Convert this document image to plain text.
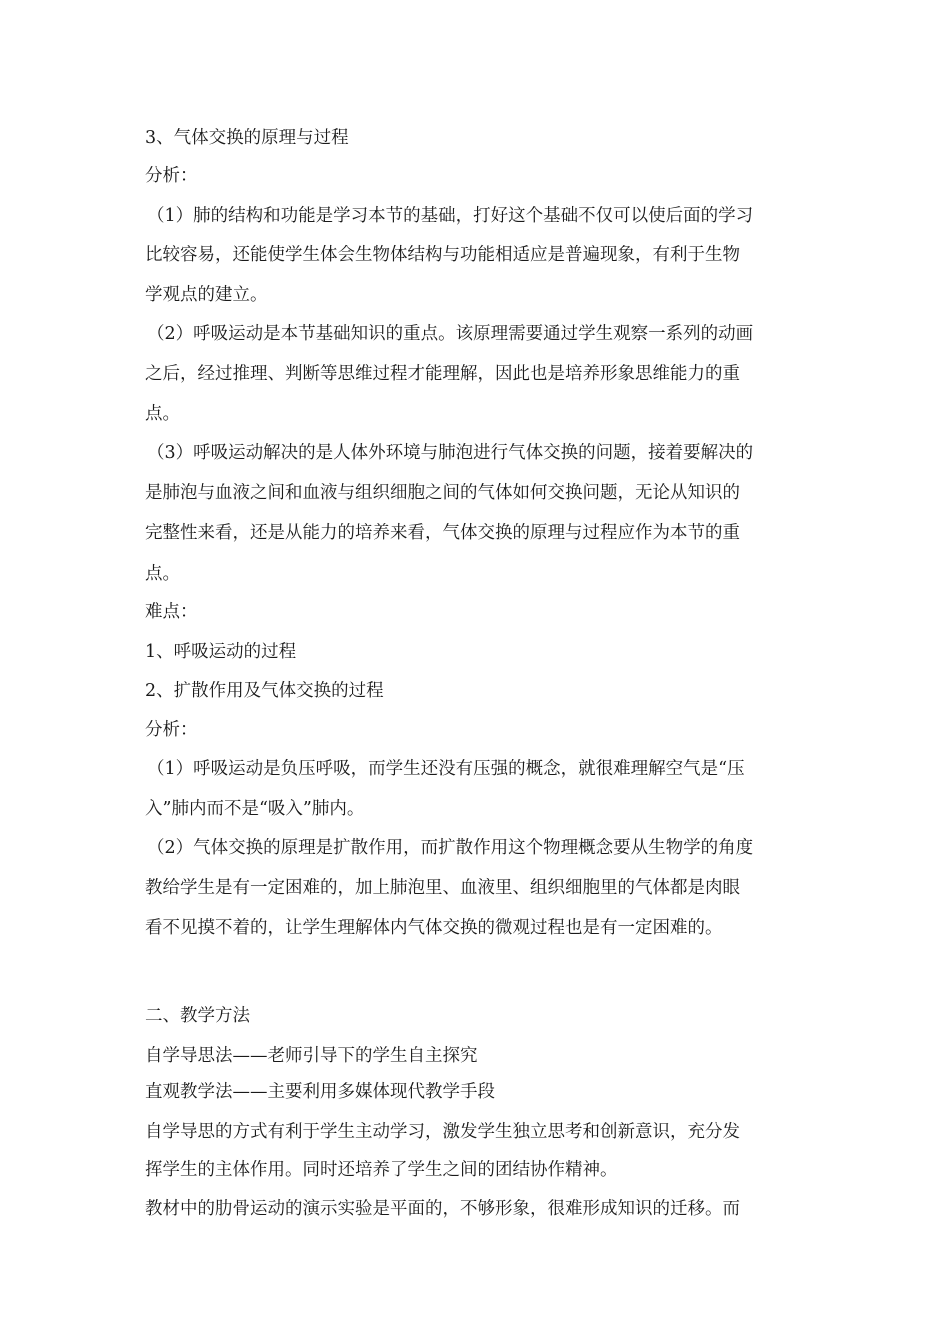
3、气体交换的原理与过程
分析：
（1）肺的结构和功能是学习本节的基础，打好这个基础不仅可以使后面的学习
比较容易，还能使学生体会生物体结构与功能相适应是普遍现象，有利于生物
学观点的建立。
（2）呼吸运动是本节基础知识的重点。该原理需要通过学生观察一系列的动画
之后，经过推理、判断等思维过程才能理解，因此也是培养形象思维能力的重
点。
（3）呼吸运动解决的是人体外环境与肺泡进行气体交换的问题，接着要解决的
是肺泡与血液之间和血液与组织细胞之间的气体如何交换问题，无论从知识的
完整性来看，还是从能力的培养来看，气体交换的原理与过程应作为本节的重
点。
难点：
1、呼吸运动的过程
2、扩散作用及气体交换的过程
分析：
（1）呼吸运动是负压呼吸，而学生还没有压强的概念，就很难理解空气是“压
入”肺内而不是“吸入”肺内。
（2）气体交换的原理是扩散作用，而扩散作用这个物理概念要从生物学的角度
教给学生是有一定困难的，加上肺泡里、血液里、组织细胞里的气体都是肉眼
看不见摸不着的，让学生理解体内气体交换的微观过程也是有一定困难的。
二、教学方法
自学导思法——老师引导下的学生自主探究
直观教学法——主要利用多媒体现代教学手段
自学导思的方式有利于学生主动学习，激发学生独立思考和创新意识，充分发
挥学生的主体作用。同时还培养了学生之间的团结协作精神。
教材中的肋骨运动的演示实验是平面的，不够形象，很难形成知识的迁移。而
